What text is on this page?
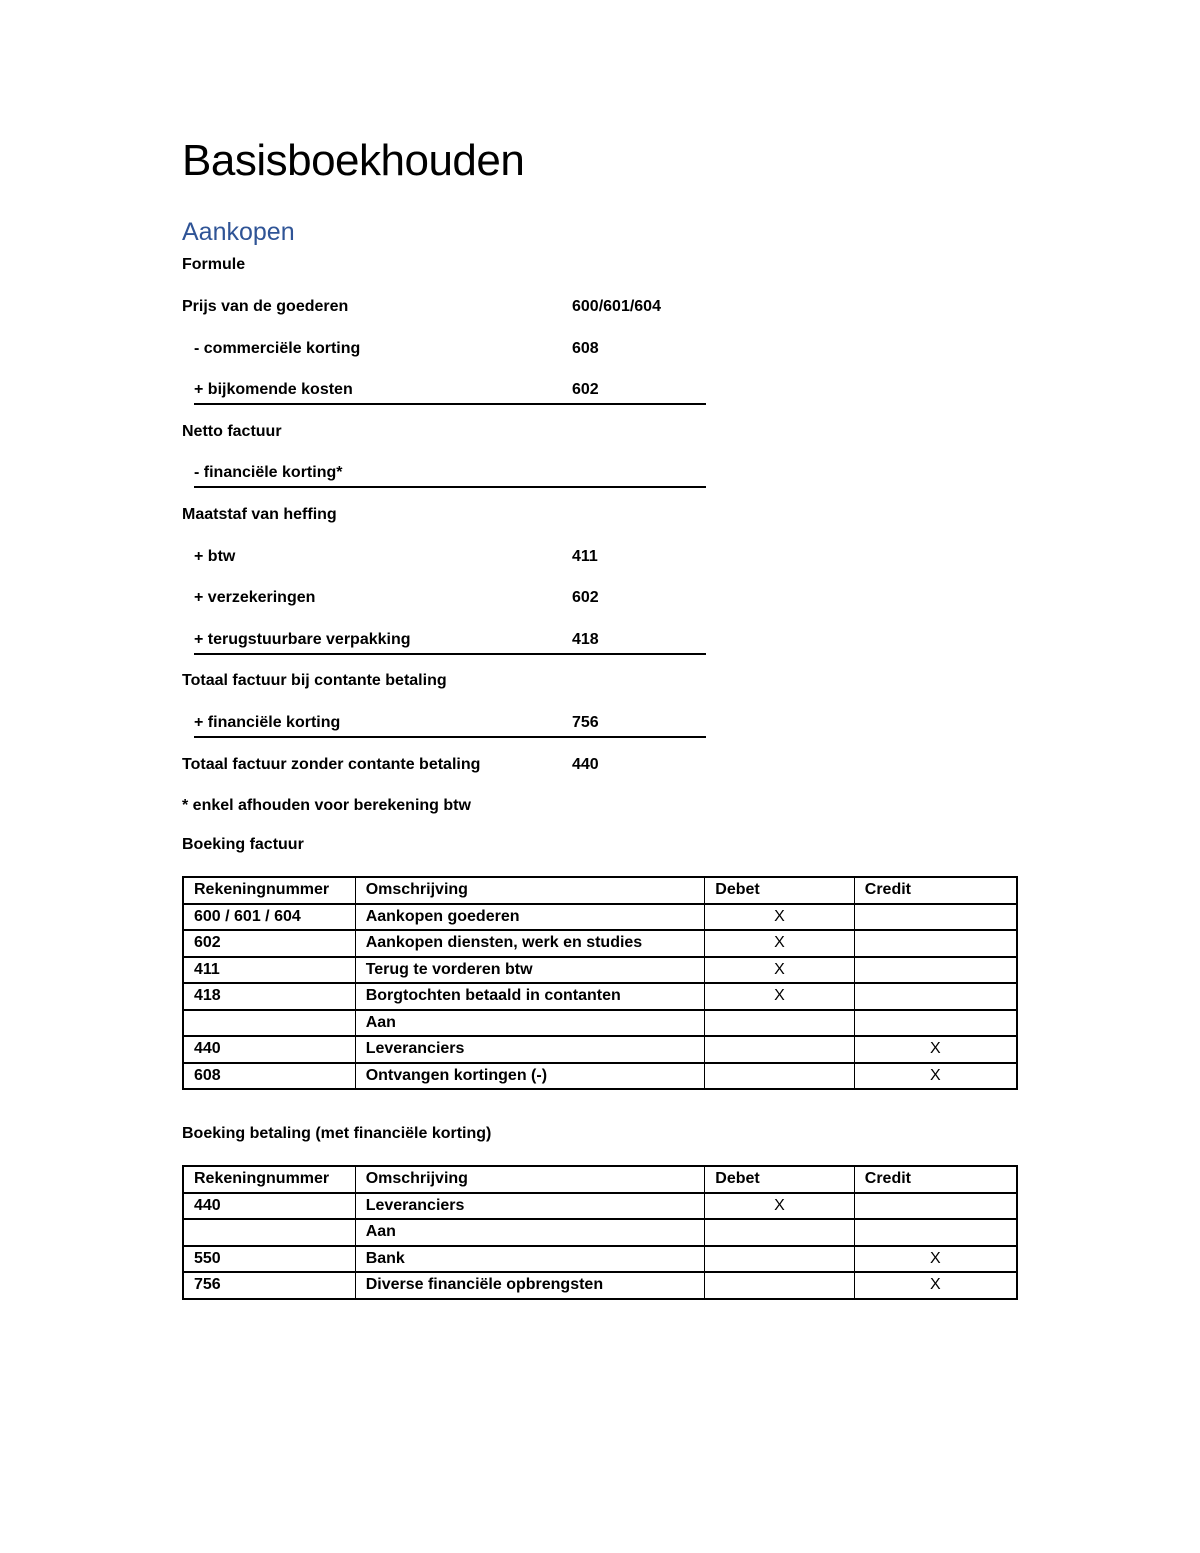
Basisboekhouden
Aankopen
Formule
Prijs van de goederen	600/601/604
- commerciële korting	608
+ bijkomende kosten	602
Netto factuur
- financiële korting*
Maatstaf van heffing
+ btw	411
+ verzekeringen	602
+ terugstuurbare verpakking	418
Totaal factuur bij contante betaling
+ financiële korting	756
Totaal factuur zonder contante betaling	440
* enkel afhouden voor berekening btw
Boeking factuur
Rekeningnummer	Omschrijving	Debet	Credit
600 / 601 / 604	Aankopen goederen	X	
602	Aankopen diensten, werk en studies	X	
411	Terug te vorderen btw	X	
418	Borgtochten betaald in contanten	X	
	Aan		
440	Leveranciers		X
608	Ontvangen kortingen (-)		X
Boeking betaling (met financiële korting)
Rekeningnummer	Omschrijving	Debet	Credit
440	Leveranciers	X	
	Aan		
550	Bank		X
756	Diverse financiële opbrengsten		X
